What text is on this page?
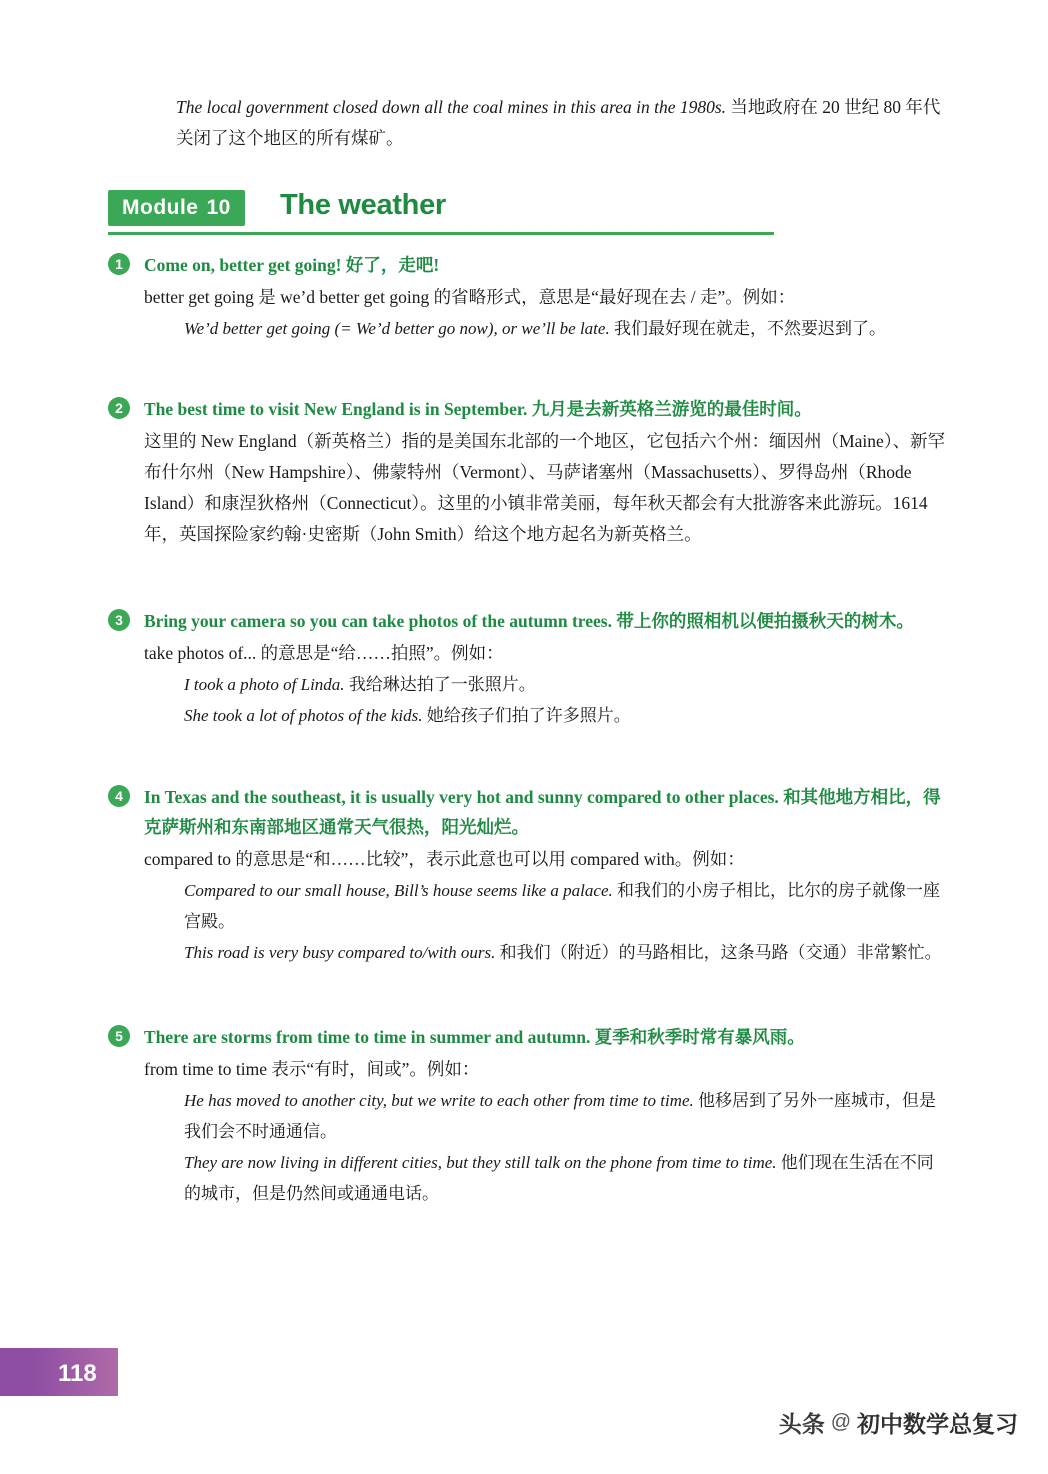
The local government closed down all the coal mines in this area in the 1980s. 当地政府在 20 世纪 80 年代关闭了这个地区的所有煤矿。
Module 10 The weather
1	Come on, better get going! 好了，走吧!
better get going 是 we’d better get going 的省略形式，意思是“最好现在去 / 走”。例如：
We’d better get going (= We’d better go now), or we’ll be late. 我们最好现在就走，不然要迟到了。
2	The best time to visit New England is in September. 九月是去新英格兰游览的最佳时间。
这里的 New England（新英格兰）指的是美国东北部的一个地区，它包括六个州：缅因州（Maine）、新罕布什尔州（New Hampshire）、佛蒙特州（Vermont）、马萨诸塞州（Massachusetts）、罗得岛州（Rhode Island）和康涅狄格州（Connecticut）。这里的小镇非常美丽，每年秋天都会有大批游客来此游玩。1614 年，英国探险家约翰·史密斯（John Smith）给这个地方起名为新英格兰。
3	Bring your camera so you can take photos of the autumn trees. 带上你的照相机以便拍摄秋天的树木。
take photos of... 的意思是“给……拍照”。例如：
I took a photo of Linda. 我给琳达拍了一张照片。
She took a lot of photos of the kids. 她给孩子们拍了许多照片。
4	In Texas and the southeast, it is usually very hot and sunny compared to other places. 和其他地方相比，得克萨斯州和东南部地区通常天气很热，阳光灿烂。
compared to 的意思是“和……比较”，表示此意也可以用 compared with。例如：
Compared to our small house, Bill’s house seems like a palace. 和我们的小房子相比，比尔的房子就像一座宫殿。
This road is very busy compared to/with ours. 和我们（附近）的马路相比，这条马路（交通）非常繁忙。
5	There are storms from time to time in summer and autumn. 夏季和秋季时常有暴风雨。
from time to time 表示“有时，间或”。例如：
He has moved to another city, but we write to each other from time to time. 他移居到了另外一座城市，但是我们会不时通通信。
They are now living in different cities, but they still talk on the phone from time to time. 他们现在生活在不同的城市，但是仍然间或通通电话。
118
头条 @ 初中数学总复习
